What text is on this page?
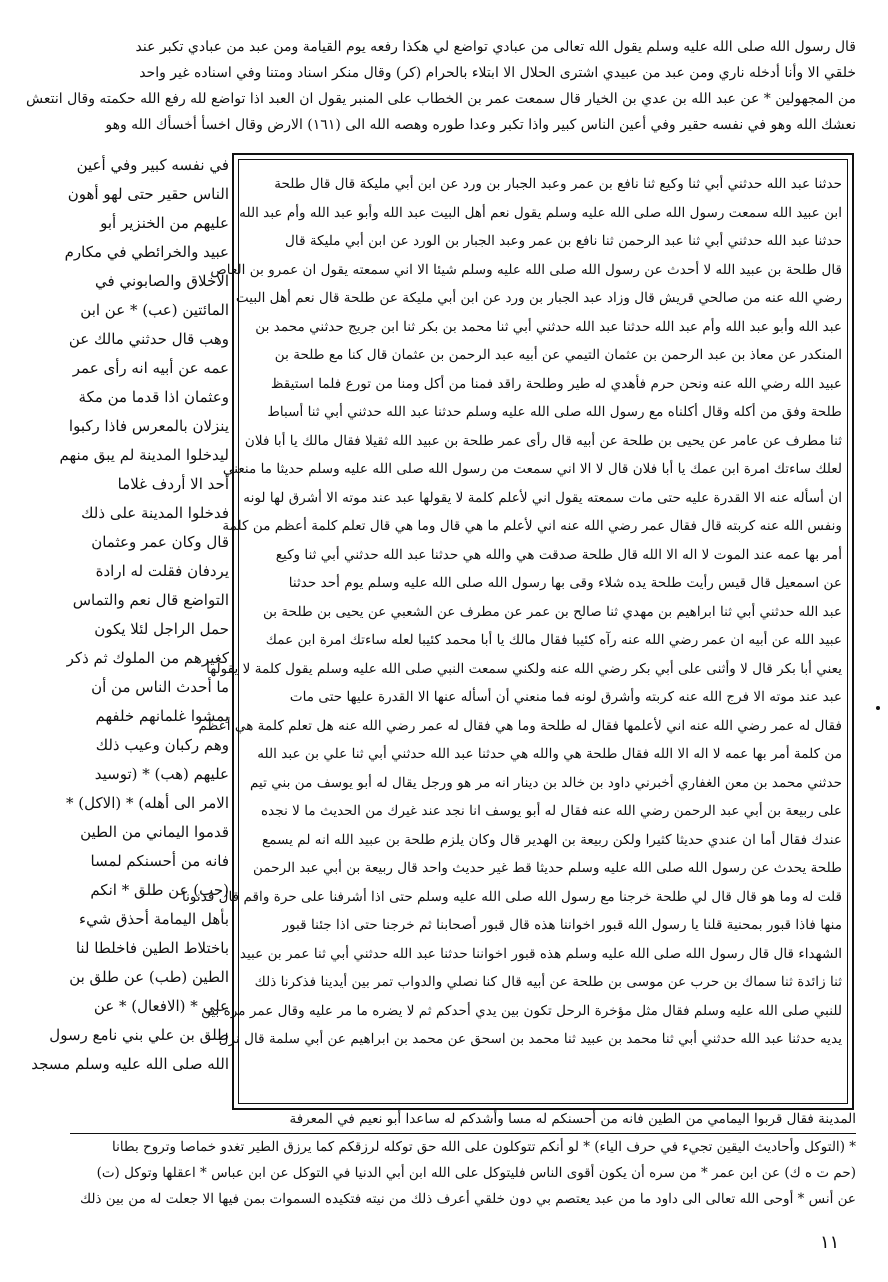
قال رسول الله صلى الله عليه وسلم يقول الله تعالى من عبادي تواضع لي هكذا رفعه يوم القيامة ومن عبد من عبادي تكبر عند
خلقي الا وأنا أدخله ناري ومن عبد من عبيدي اشترى الحلال الا ابتلاء بالحرام (كر) وقال منكر اسناد ومتنا وفي اسناده غير واحد
من المجهولين * عن عبد الله بن عدي بن الخيار قال سمعت عمر بن الخطاب على المنبر يقول ان العبد اذا تواضع لله رفع الله حكمته وقال انتعش
نعشك الله وهو في نفسه حقير وفي أعين الناس كبير واذا تكبر وعدا طوره وهصه الله الى (١٦١) الارض وقال اخسأ أخسأك الله وهو
حدثنا عبد الله حدثني أبي ثنا وكيع ثنا نافع بن عمر وعبد الجبار بن ورد عن ابن أبي مليكة قال قال طلحة
ابن عبيد الله سمعت رسول الله صلى الله عليه وسلم يقول نعم أهل البيت عبد الله وأبو عبد الله وأم عبد الله
حدثنا عبد الله حدثني أبي ثنا عبد الرحمن ثنا نافع بن عمر وعبد الجبار بن الورد عن ابن أبي مليكة قال
قال طلحة بن عبيد الله لا أحدث عن رسول الله صلى الله عليه وسلم شيئا الا اني سمعته يقول ان عمرو بن العاص
رضي الله عنه من صالحي قريش قال وزاد عبد الجبار بن ورد عن ابن أبي مليكة عن طلحة قال نعم أهل البيت
عبد الله وأبو عبد الله وأم عبد الله حدثنا عبد الله حدثني أبي ثنا محمد بن بكر ثنا ابن جريج حدثني محمد بن
المنكدر عن معاذ بن عبد الرحمن بن عثمان التيمي عن أبيه عبد الرحمن بن عثمان قال كنا مع طلحة بن
عبيد الله رضي الله عنه ونحن حرم فأهدي له طير وطلحة راقد فمنا من أكل ومنا من تورع فلما استيقظ
طلحة وفق من أكله وقال أكلناه مع رسول الله صلى الله عليه وسلم حدثنا عبد الله حدثني أبي ثنا أسباط
ثنا مطرف عن عامر عن يحيى بن طلحة عن أبيه قال رأى عمر طلحة بن عبيد الله ثقيلا فقال مالك يا أبا فلان
لعلك ساءتك امرة ابن عمك يا أبا فلان قال لا الا اني سمعت من رسول الله صلى الله عليه وسلم حديثا ما منعني
ان أسأله عنه الا القدرة عليه حتى مات سمعته يقول اني لأعلم كلمة لا يقولها عبد عند موته الا أشرق لها لونه
ونفس الله عنه كربته قال فقال عمر رضي الله عنه اني لأعلم ما هي قال وما هي قال تعلم كلمة أعظم من كلمة
أمر بها عمه عند الموت لا اله الا الله قال طلحة صدقت هي والله هي حدثنا عبد الله حدثني أبي ثنا وكيع
عن اسمعيل قال قيس رأيت طلحة يده شلاء وقى بها رسول الله صلى الله عليه وسلم يوم أحد حدثنا
عبد الله حدثني أبي ثنا ابراهيم بن مهدي ثنا صالح بن عمر عن مطرف عن الشعبي عن يحيى بن طلحة بن
عبيد الله عن أبيه ان عمر رضي الله عنه رآه كئيبا فقال مالك يا أبا محمد كئيبا لعله ساءتك امرة ابن عمك
يعني أبا بكر قال لا وأثنى على أبي بكر رضي الله عنه ولكني سمعت النبي صلى الله عليه وسلم يقول كلمة لا يقولها
عبد عند موته الا فرج الله عنه كربته وأشرق لونه فما منعني أن أسأله عنها الا القدرة عليها حتى مات
فقال له عمر رضي الله عنه اني لأعلمها فقال له طلحة وما هي فقال له عمر رضي الله عنه هل تعلم كلمة هي أعظم
من كلمة أمر بها عمه لا اله الا الله فقال طلحة هي والله هي حدثنا عبد الله حدثني أبي ثنا علي بن عبد الله
حدثني محمد بن معن الغفاري أخبرني داود بن خالد بن دينار انه مر هو ورجل يقال له أبو يوسف من بني تيم
على ربيعة بن أبي عبد الرحمن رضي الله عنه فقال له أبو يوسف انا نجد عند غيرك من الحديث ما لا نجده
عندك فقال أما ان عندي حديثا كثيرا ولكن ربيعة بن الهدير قال وكان يلزم طلحة بن عبيد الله انه لم يسمع
طلحة يحدث عن رسول الله صلى الله عليه وسلم حديثا قط غير حديث واحد قال ربيعة بن أبي عبد الرحمن
قلت له وما هو قال قال لي طلحة خرجنا مع رسول الله صلى الله عليه وسلم حتى اذا أشرفنا على حرة واقم قال فدنونا
منها فاذا قبور بمحنية قلنا يا رسول الله قبور اخواننا هذه قال قبور أصحابنا ثم خرجنا حتى اذا جئنا قبور
الشهداء قال قال رسول الله صلى الله عليه وسلم هذه قبور اخواننا حدثنا عبد الله حدثني أبي ثنا عمر بن عبيد
ثنا زائدة ثنا سماك بن حرب عن موسى بن طلحة عن أبيه قال كنا نصلي والدواب تمر بين أيدينا فذكرنا ذلك
للنبي صلى الله عليه وسلم فقال مثل مؤخرة الرحل تكون بين يدي أحدكم ثم لا يضره ما مر عليه وقال عمر مرة بين
يديه حدثنا عبد الله حدثني أبي ثنا محمد بن عبيد ثنا محمد بن اسحق عن محمد بن ابراهيم عن أبي سلمة قال نزل
في نفسه كبير وفي أعين
الناس حقير حتى لهو أهون
عليهم من الخنزير أبو
عبيد والخرائطي في مكارم
الاخلاق والصابوني في
المائتين (عب) * عن ابن
وهب قال حدثني مالك عن
عمه عن أبيه انه رأى عمر
وعثمان اذا قدما من مكة
ينزلان بالمعرس فاذا ركبوا
ليدخلوا المدينة لم يبق منهم
أحد الا أردف غلاما
فدخلوا المدينة على ذلك
قال وكان عمر وعثمان
يردفان فقلت له ارادة
التواضع قال نعم والتماس
حمل الراجل لئلا يكون
كغيرهم من الملوك ثم ذكر
ما أحدث الناس من أن
يمشوا غلمانهم خلفهم
وهم ركبان وعيب ذلك
عليهم (هب) * (توسيد
الامر الى أهله) * (الاكل) *
قدموا اليماني من الطين
فانه من أحسنكم لمسا
(حب) عن طلق * انكم
بأهل اليمامة أحذق شيء
باختلاط الطين فاخلطا لنا
الطين (طب) عن طلق بن
علي * (الافعال) * عن
طلق بن علي بني نامع رسول
الله صلى الله عليه وسلم مسجد
المدينة فقال قربوا اليمامي من الطين فانه من أحسنكم له مسا وأشدكم له ساعدا أبو نعيم في المعرفة
* (التوكل وأحاديث اليقين تجيء في حرف الياء) * لو أنكم تتوكلون على الله حق توكله لرزقكم كما يرزق الطير تغدو خماصا وتروح بطانا
(حم ت ه ك) عن ابن عمر * من سره أن يكون أقوى الناس فليتوكل على الله ابن أبي الدنيا في التوكل عن ابن عباس * اعقلها وتوكل (ت)
عن أنس * أوحى الله تعالى الى داود ما من عبد يعتصم بي دون خلقي أعرف ذلك من نيته فتكيده السموات بمن فيها الا جعلت له من بين ذلك
١١
